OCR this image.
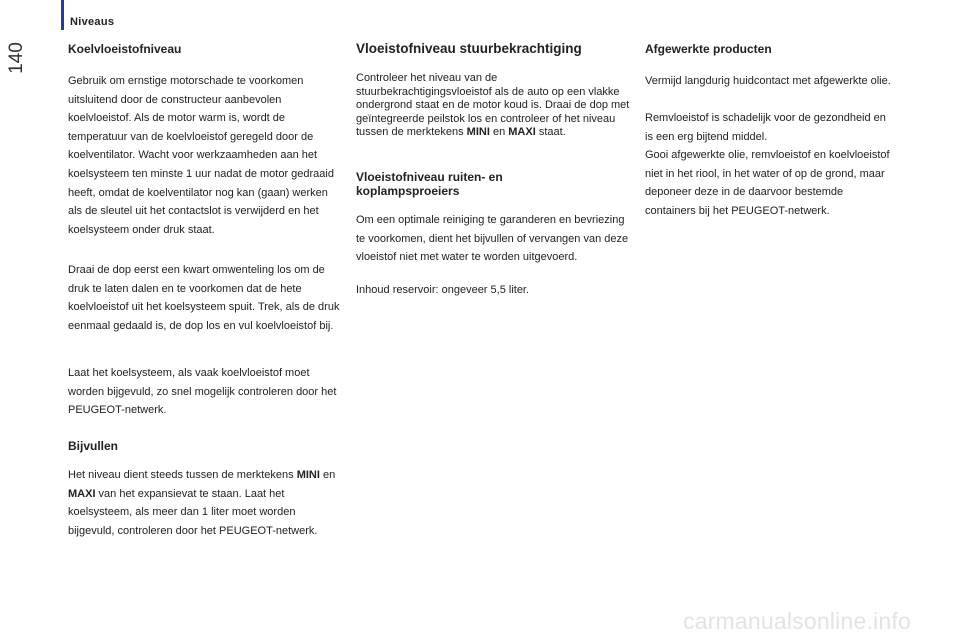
Niveaus
140	Koelvloeistofniveau

Gebruik om ernstige motorschade te voorkomen uitsluitend door de constructeur aanbevolen koelvloeistof. Als de motor warm is, wordt de temperatuur van de koelvloeistof geregeld door de koelventilator. Wacht voor werkzaamheden aan het koelsysteem ten minste 1 uur nadat de motor gedraaid heeft, omdat de koelventilator nog kan (gaan) werken als de sleutel uit het contactslot is verwijderd en het koelsysteem onder druk staat.

Draai de dop eerst een kwart omwenteling los om de druk te laten dalen en te voorkomen dat de hete koelvloeistof uit het koelsysteem spuit. Trek, als de druk eenmaal gedaald is, de dop los en vul koelvloeistof bij.

Laat het koelsysteem, als vaak koelvloeistof moet worden bijgevuld, zo snel mogelijk controleren door het PEUGEOT-netwerk.

Bijvullen

Het niveau dient steeds tussen de merktekens MINI en MAXI van het expansievat te staan. Laat het koelsysteem, als meer dan 1 liter moet worden bijgevuld, controleren door het PEUGEOT-netwerk.

Vloeistofniveau stuurbekrachtiging

Controleer het niveau van de stuurbekrachtigingsvloeistof als de auto op een vlakke ondergrond staat en de motor koud is. Draai de dop met geïntegreerde peilstok los en controleer of het niveau tussen de merktekens MINI en MAXI staat.

Vloeistofniveau ruiten- en koplampsproeiers

Om een optimale reiniging te garanderen en bevriezing te voorkomen, dient het bijvullen of vervangen van deze vloeistof niet met water te worden uitgevoerd.

Inhoud reservoir: ongeveer 5,5 liter.

Afgewerkte producten

Vermijd langdurig huidcontact met afgewerkte olie.

Remvloeistof is schadelijk voor de gezondheid en is een erg bijtend middel.

Gooi afgewerkte olie, remvloeistof en koelvloeistof niet in het riool, in het water of op de grond, maar deponeer deze in de daarvoor bestemde containers bij het PEUGEOT-netwerk.

carmanualsonline.info
